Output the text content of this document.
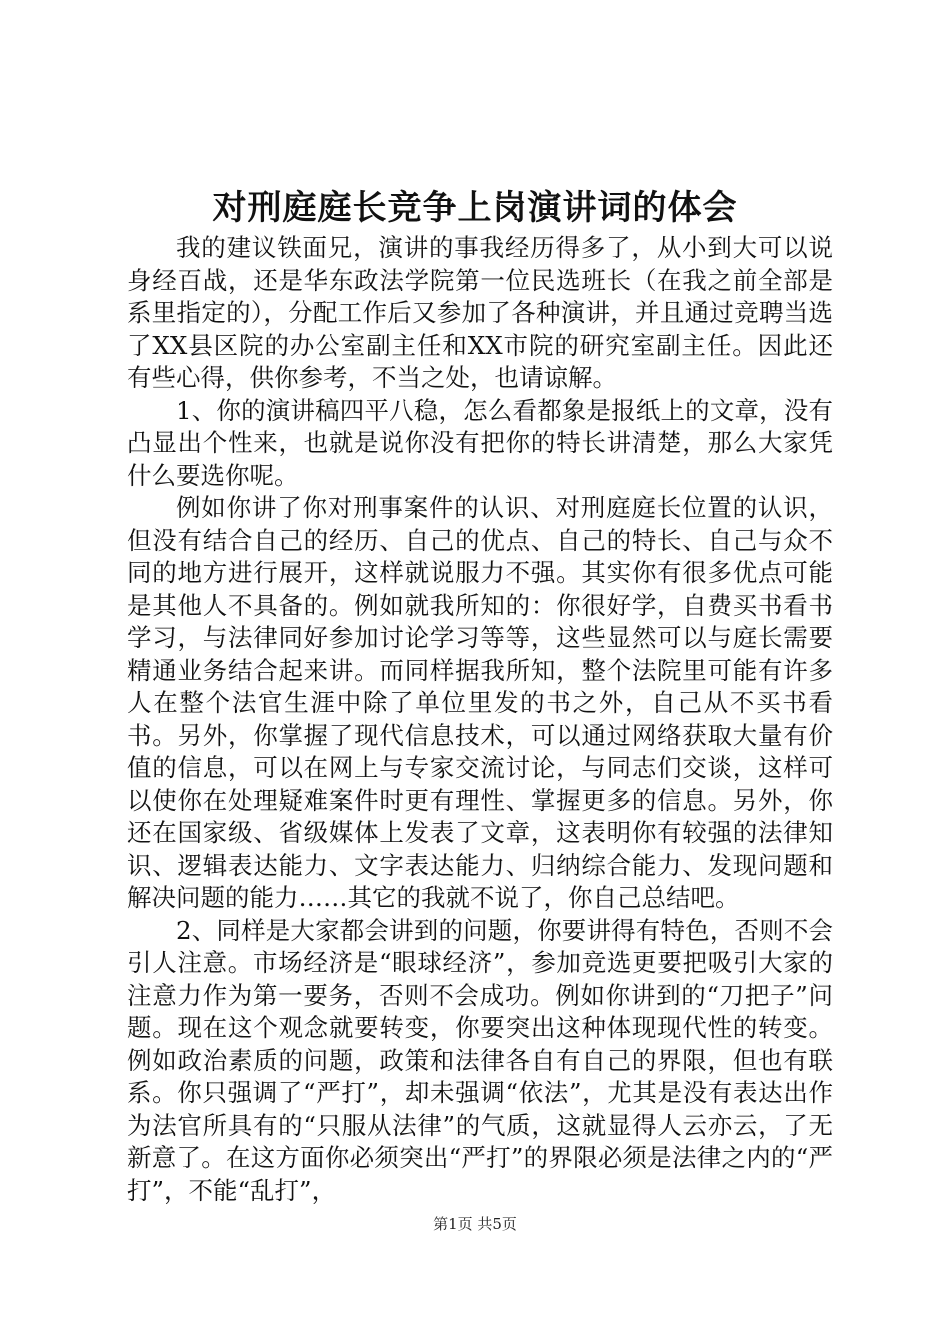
对刑庭庭长竞争上岗演讲词的体会

我的建议铁面兄，演讲的事我经历得多了，从小到大可以说身经百战，还是华东政法学院第一位民选班长（在我之前全部是系里指定的），分配工作后又参加了各种演讲，并且通过竞聘当选了XX县区院的办公室副主任和XX市院的研究室副主任。因此还有些心得，供你参考，不当之处，也请谅解。

1、你的演讲稿四平八稳，怎么看都象是报纸上的文章，没有凸显出个性来，也就是说你没有把你的特长讲清楚，那么大家凭什么要选你呢。

例如你讲了你对刑事案件的认识、对刑庭庭长位置的认识，但没有结合自己的经历、自己的优点、自己的特长、自己与众不同的地方进行展开，这样就说服力不强。其实你有很多优点可能是其他人不具备的。例如就我所知的：你很好学，自费买书看书学习，与法律同好参加讨论学习等等，这些显然可以与庭长需要精通业务结合起来讲。而同样据我所知，整个法院里可能有许多人在整个法官生涯中除了单位里发的书之外，自己从不买书看书。另外，你掌握了现代信息技术，可以通过网络获取大量有价值的信息，可以在网上与专家交流讨论，与同志们交谈，这样可以使你在处理疑难案件时更有理性、掌握更多的信息。另外，你还在国家级、省级媒体上发表了文章，这表明你有较强的法律知识、逻辑表达能力、文字表达能力、归纳综合能力、发现问题和解决问题的能力……其它的我就不说了，你自己总结吧。

2、同样是大家都会讲到的问题，你要讲得有特色，否则不会引人注意。市场经济是“眼球经济”，参加竞选更要把吸引大家的注意力作为第一要务，否则不会成功。例如你讲到的“刀把子”问题。现在这个观念就要转变，你要突出这种体现现代性的转变。例如政治素质的问题，政策和法律各自有自己的界限，但也有联系。你只强调了“严打”，却未强调“依法”，尤其是没有表达出作为法官所具有的“只服从法律”的气质，这就显得人云亦云，了无新意了。在这方面你必须突出“严打”的界限必须是法律之内的“严打”，不能“乱打”，

第1页 共5页
